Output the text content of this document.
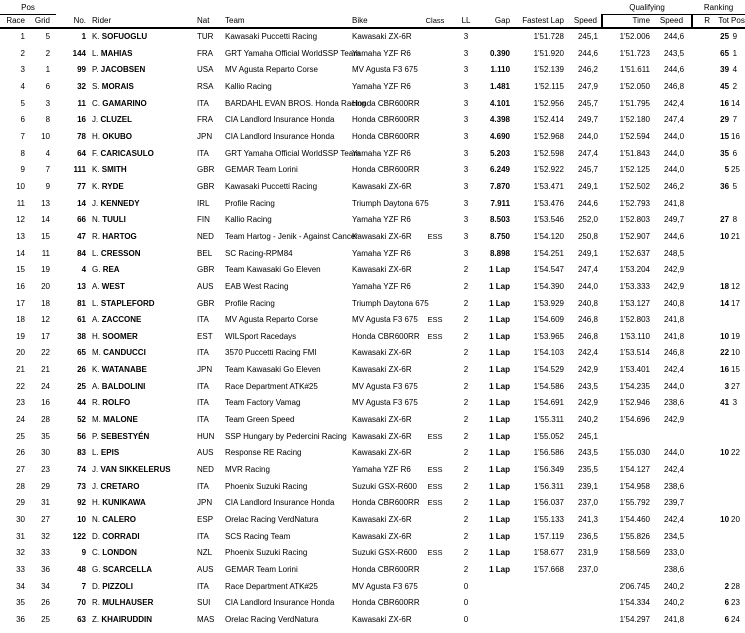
Pos												Qualifying		Ranking		
Race	Grid	No.	Rider	Nat	Team	Bike	Class	LL	Gap	Fastest Lap	Speed	Time	Speed	R	Tot	Pos
1	5	1	K. SOFUOGLU	TUR	Kawasaki Puccetti Racing	Kawasaki ZX-6R		3		1'51.728	245,1	1'52.006	244,6		25	9
2	2	144	L. MAHIAS	FRA	GRT Yamaha Official WorldSSP Team	Yamaha YZF R6		3	0.390	1'51.920	244,6	1'51.723	243,5		65	1
3	1	99	P. JACOBSEN	USA	MV Agusta Reparto Corse	MV Agusta F3 675		3	1.110	1'52.139	246,2	1'51.611	244,6		39	4
4	6	32	S. MORAIS	RSA	Kallio Racing	Yamaha YZF R6		3	1.481	1'52.115	247,9	1'52.050	246,8		45	2
5	3	11	C. GAMARINO	ITA	BARDAHL EVAN BROS. Honda Racing	Honda CBR600RR		3	4.101	1'52.956	245,7	1'51.795	242,4		16	14
6	8	16	J. CLUZEL	FRA	CIA Landlord Insurance Honda	Honda CBR600RR		3	4.398	1'52.414	249,7	1'52.180	247,4		29	7
7	10	78	H. OKUBO	JPN	CIA Landlord Insurance Honda	Honda CBR600RR		3	4.690	1'52.968	244,0	1'52.594	244,0		15	16
8	4	64	F. CARICASULO	ITA	GRT Yamaha Official WorldSSP Team	Yamaha YZF R6		3	5.203	1'52.598	247,4	1'51.843	244,0		35	6
9	7	111	K. SMITH	GBR	GEMAR Team Lorini	Honda CBR600RR		3	6.249	1'52.922	245,7	1'52.125	244,0		5	25
10	9	77	K. RYDE	GBR	Kawasaki Puccetti Racing	Kawasaki ZX-6R		3	7.870	1'53.471	249,1	1'52.502	246,2		36	5
11	13	14	J. KENNEDY	IRL	Profile Racing	Triumph Daytona 675		3	7.911	1'53.476	244,6	1'52.793	241,8			
12	14	66	N. TUULI	FIN	Kallio Racing	Yamaha YZF R6		3	8.503	1'53.546	252,0	1'52.803	249,7		27	8
13	15	47	R. HARTOG	NED	Team Hartog - Jenik - Against Cancer	Kawasaki ZX-6R	ESS	3	8.750	1'54.120	250,8	1'52.907	244,6		10	21
14	11	84	L. CRESSON	BEL	SC Racing-RPM84	Yamaha YZF R6		3	8.898	1'54.251	249,1	1'52.637	248,5			
15	19	4	G. REA	GBR	Team Kawasaki Go Eleven	Kawasaki ZX-6R		2	1 Lap	1'54.547	247,4	1'53.204	242,9			
16	20	13	A. WEST	AUS	EAB West Racing	Yamaha YZF R6		2	1 Lap	1'54.390	244,0	1'53.333	242,9		18	12
17	18	81	L. STAPLEFORD	GBR	Profile Racing	Triumph Daytona 675		2	1 Lap	1'53.929	240,8	1'53.127	240,8		14	17
18	12	61	A. ZACCONE	ITA	MV Agusta Reparto Corse	MV Agusta F3 675	ESS	2	1 Lap	1'54.609	246,8	1'52.803	241,8			
19	17	38	H. SOOMER	EST	WILSport Racedays	Honda CBR600RR	ESS	2	1 Lap	1'53.965	246,8	1'53.110	241,8		10	19
20	22	65	M. CANDUCCI	ITA	3570 Puccetti Racing FMI	Kawasaki ZX-6R		2	1 Lap	1'54.103	242,4	1'53.514	246,8		22	10
21	21	26	K. WATANABE	JPN	Team Kawasaki Go Eleven	Kawasaki ZX-6R		2	1 Lap	1'54.529	242,9	1'53.401	242,4		16	15
22	24	25	A. BALDOLINI	ITA	Race Department ATK#25	MV Agusta F3 675		2	1 Lap	1'54.586	243,5	1'54.235	244,0		3	27
23	16	44	R. ROLFO	ITA	Team Factory Vamag	MV Agusta F3 675		2	1 Lap	1'54.691	242,9	1'52.946	238,6		41	3
24	28	52	M. MALONE	ITA	Team Green Speed	Kawasaki ZX-6R		2	1 Lap	1'55.311	240,2	1'54.696	242,9			
25	35	56	P. SEBESTYÉN	HUN	SSP Hungary by Pedercini Racing	Kawasaki ZX-6R	ESS	2	1 Lap	1'55.052	245,1					
26	30	83	L. EPIS	AUS	Response RE Racing	Kawasaki ZX-6R		2	1 Lap	1'56.586	243,5	1'55.030	244,0		10	22
27	23	74	J. VAN SIKKELERUS	NED	MVR Racing	Yamaha YZF R6	ESS	2	1 Lap	1'56.349	235,5	1'54.127	242,4			
28	29	73	J. CRETARO	ITA	Phoenix Suzuki Racing	Suzuki GSX-R600	ESS	2	1 Lap	1'56.311	239,1	1'54.958	238,6			
29	31	92	H. KUNIKAWA	JPN	CIA Landlord Insurance Honda	Honda CBR600RR	ESS	2	1 Lap	1'56.037	237,0	1'55.792	239,7			
30	27	10	N. CALERO	ESP	Orelac Racing VerdNatura	Kawasaki ZX-6R		2	1 Lap	1'55.133	241,3	1'54.460	242,4		10	20
31	32	122	D. CORRADI	ITA	SCS Racing Team	Kawasaki ZX-6R		2	1 Lap	1'57.119	236,5	1'55.826	234,5			
32	33	9	C. LONDON	NZL	Phoenix Suzuki Racing	Suzuki GSX-R600	ESS	2	1 Lap	1'58.677	231,9	1'58.569	233,0			
33	36	48	G. SCARCELLA	AUS	GEMAR Team Lorini	Honda CBR600RR		2	1 Lap	1'57.668	237,0		238,6			
34	34	7	D. PIZZOLI	ITA	Race Department ATK#25	MV Agusta F3 675		0				2'06.745	240,2		2	28
35	26	70	R. MULHAUSER	SUI	CIA Landlord Insurance Honda	Honda CBR600RR		0				1'54.334	240,2		6	23
36	25	63	Z. KHAIRUDDIN	MAS	Orelac Racing VerdNatura	Kawasaki ZX-6R		0				1'54.297	241,8		6	24
